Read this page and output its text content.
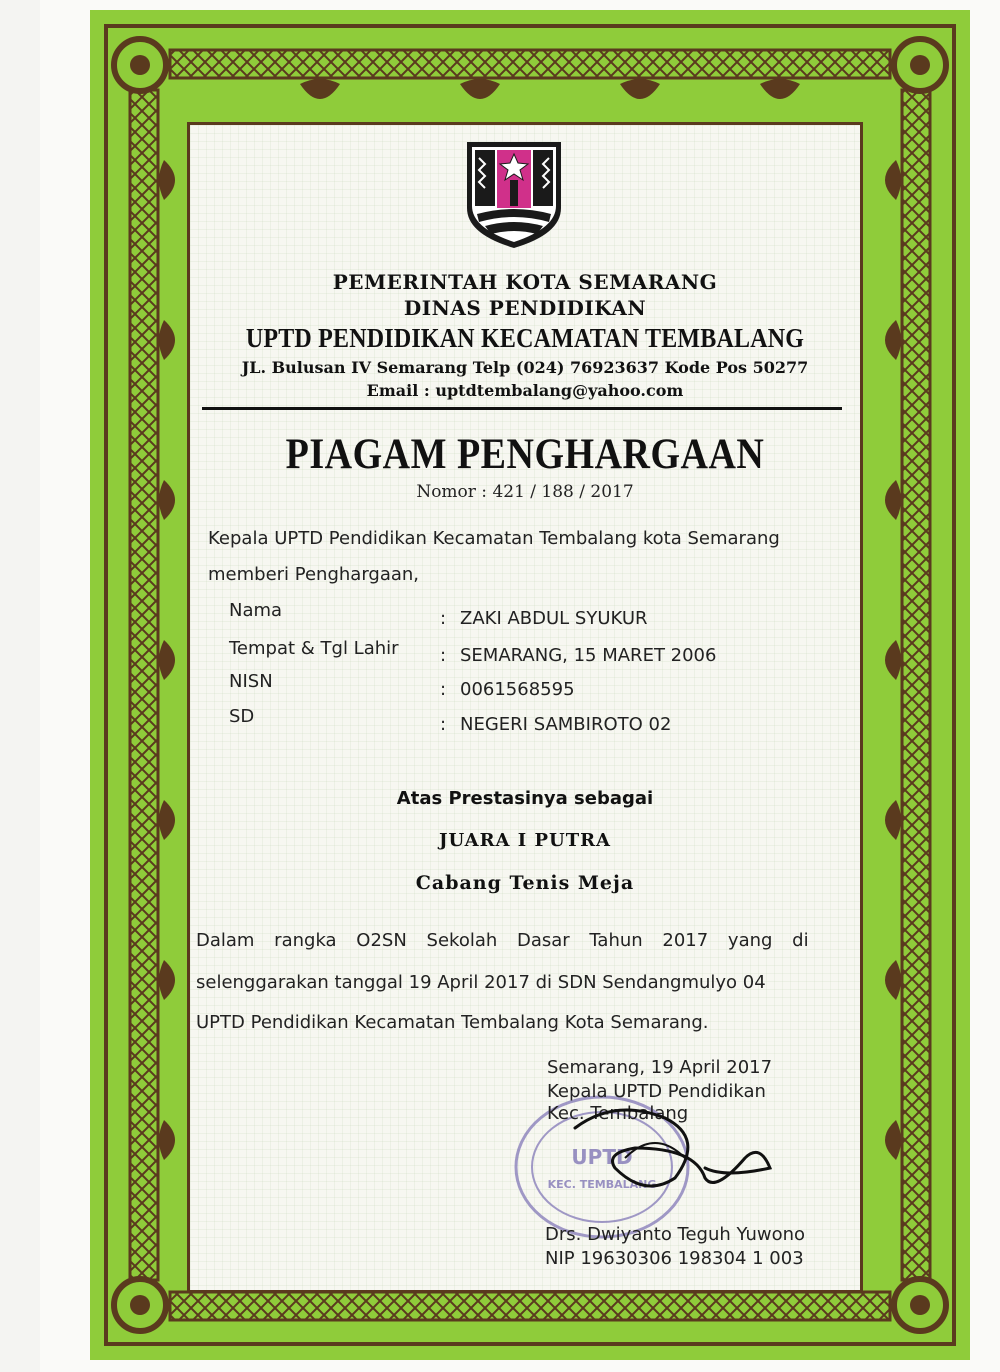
PEMERINTAH KOTA SEMARANG
DINAS PENDIDIKAN
UPTD PENDIDIKAN KECAMATAN TEMBALANG
JL. Bulusan IV Semarang Telp (024) 76923637 Kode Pos 50277
Email : uptdtembalang@yahoo.com
PIAGAM PENGHARGAAN
Nomor : 421 / 188 / 2017
Kepala UPTD Pendidikan Kecamatan Tembalang kota Semarang
memberi Penghargaan,
Nama	: ZAKI ABDUL SYUKUR
Tempat & Tgl Lahir : SEMARANG, 15 MARET 2006
NISN	: 0061568595
SD	: NEGERI SAMBIROTO 02
Atas Prestasinya sebagai
JUARA I PUTRA
Cabang Tenis Meja
Dalam rangka O2SN Sekolah Dasar Tahun 2017 yang di
selenggarakan tanggal 19 April 2017 di SDN Sendangmulyo 04
UPTD Pendidikan Kecamatan Tembalang Kota Semarang.
UPTD
KEC. TEMBALANG
Semarang, 19 April 2017
Kepala UPTD Pendidikan
Kec. Tembalang
Drs. Dwiyanto Teguh Yuwono
NIP 19630306 198304 1 003
